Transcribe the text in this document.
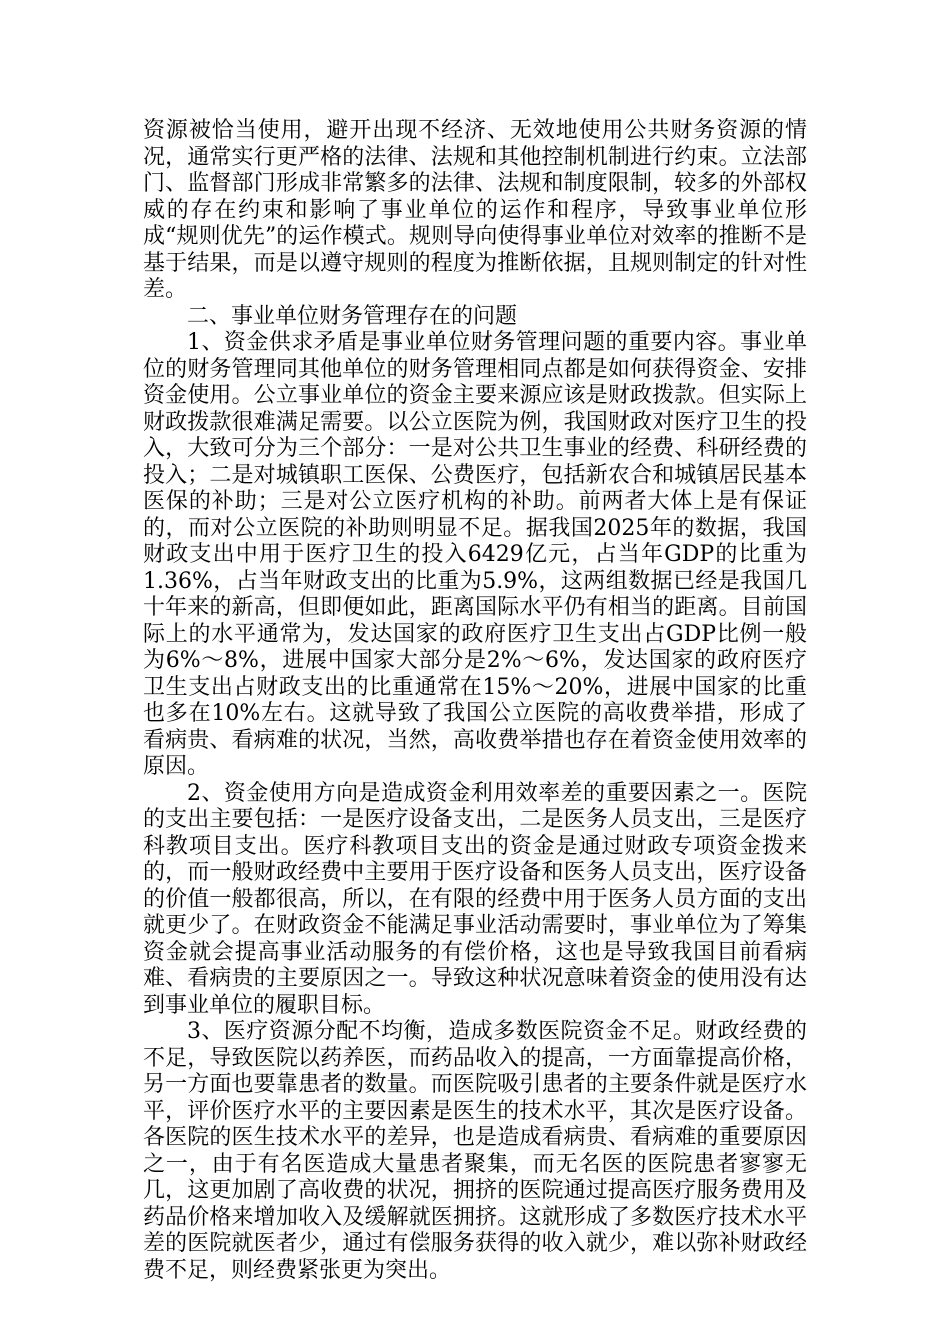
资源被恰当使用，避开出现不经济、无效地使用公共财务资源的情况，通常实行更严格的法律、法规和其他控制机制进行约束。立法部门、监督部门形成非常繁多的法律、法规和制度限制，较多的外部权威的存在约束和影响了事业单位的运作和程序，导致事业单位形成“规则优先”的运作模式。规则导向使得事业单位对效率的推断不是基于结果，而是以遵守规则的程度为推断依据，且规则制定的针对性差。

二、事业单位财务管理存在的问题

1、资金供求矛盾是事业单位财务管理问题的重要内容。事业单位的财务管理同其他单位的财务管理相同点都是如何获得资金、安排资金使用。公立事业单位的资金主要来源应该是财政拨款。但实际上财政拨款很难满足需要。以公立医院为例，我国财政对医疗卫生的投入，大致可分为三个部分：一是对公共卫生事业的经费、科研经费的投入；二是对城镇职工医保、公费医疗，包括新农合和城镇居民基本医保的补助；三是对公立医疗机构的补助。前两者大体上是有保证的，而对公立医院的补助则明显不足。据我国2025年的数据，我国财政支出中用于医疗卫生的投入6429亿元，占当年GDP的比重为1.36%，占当年财政支出的比重为5.9%，这两组数据已经是我国几十年来的新高，但即便如此，距离国际水平仍有相当的距离。目前国际上的水平通常为，发达国家的政府医疗卫生支出占GDP比例一般为6%～8%，进展中国家大部分是2%～6%，发达国家的政府医疗卫生支出占财政支出的比重通常在15%～20%，进展中国家的比重也多在10%左右。这就导致了我国公立医院的高收费举措，形成了看病贵、看病难的状况，当然，高收费举措也存在着资金使用效率的原因。

2、资金使用方向是造成资金利用效率差的重要因素之一。医院的支出主要包括：一是医疗设备支出，二是医务人员支出，三是医疗科教项目支出。医疗科教项目支出的资金是通过财政专项资金拨来的，而一般财政经费中主要用于医疗设备和医务人员支出，医疗设备的价值一般都很高，所以，在有限的经费中用于医务人员方面的支出就更少了。在财政资金不能满足事业活动需要时，事业单位为了筹集资金就会提高事业活动服务的有偿价格，这也是导致我国目前看病难、看病贵的主要原因之一。导致这种状况意味着资金的使用没有达到事业单位的履职目标。

3、医疗资源分配不均衡，造成多数医院资金不足。财政经费的不足，导致医院以药养医，而药品收入的提高，一方面靠提高价格，另一方面也要靠患者的数量。而医院吸引患者的主要条件就是医疗水平，评价医疗水平的主要因素是医生的技术水平，其次是医疗设备。各医院的医生技术水平的差异，也是造成看病贵、看病难的重要原因之一，由于有名医造成大量患者聚集，而无名医的医院患者寥寥无几，这更加剧了高收费的状况，拥挤的医院通过提高医疗服务费用及药品价格来增加收入及缓解就医拥挤。这就形成了多数医疗技术水平差的医院就医者少，通过有偿服务获得的收入就少，难以弥补财政经费不足，则经费紧张更为突出。
